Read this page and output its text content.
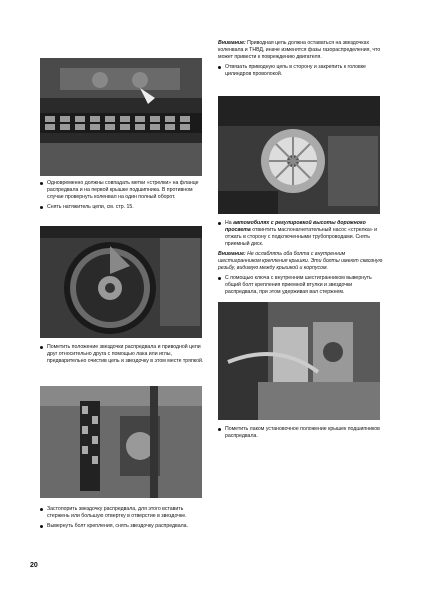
Внимание: Приводная цепь должна оставаться на звездочках коленвала и ТНВД, иначе изменятся фазы газораспределения, что может привести к повреждению двигателя.

Отвязать приводную цепь в сторону и закрепить к головке цилиндров проволокой.

Одновременно должны совпадать метки «стрелки» на фланце распредвала и на первой крышке подшипника. В противном случае провернуть коленвал на один полный оборот.

Снять натяжитель цепи, см. стр. 15.

Пометить положение звездочки распредвала и приводной цепи друг относительно друга с помощью лака или иглы, предварительно очистив цепь и звездочку в этом месте тряпкой.

Застопорить звездочку распредвала, для этого вставить стержень или большую отвертку в отверстие в звездочке.

Вывернуть болт крепления, снять звездочку распредвала.

На автомобилях с регулировкой высоты дорожного просвета отвинтить маслонагнетательный насос «стрелка» и отжать в сторону с подключенными трубопроводами. Снять приемный диск.

Внимание: Не ослаблять оба болта с внутренним шестигранником крепления крышки. Эти болты имеют сквозную резьбу, видимую между крышкой и корпусом.

С помощью ключа с внутренним шестигранником вывернуть общий болт крепления приемной втулки и звездочки распредвала, при этом удерживая вал стержнем.

Пометить лаком установочное положение крышек подшипников распредвала.

20
